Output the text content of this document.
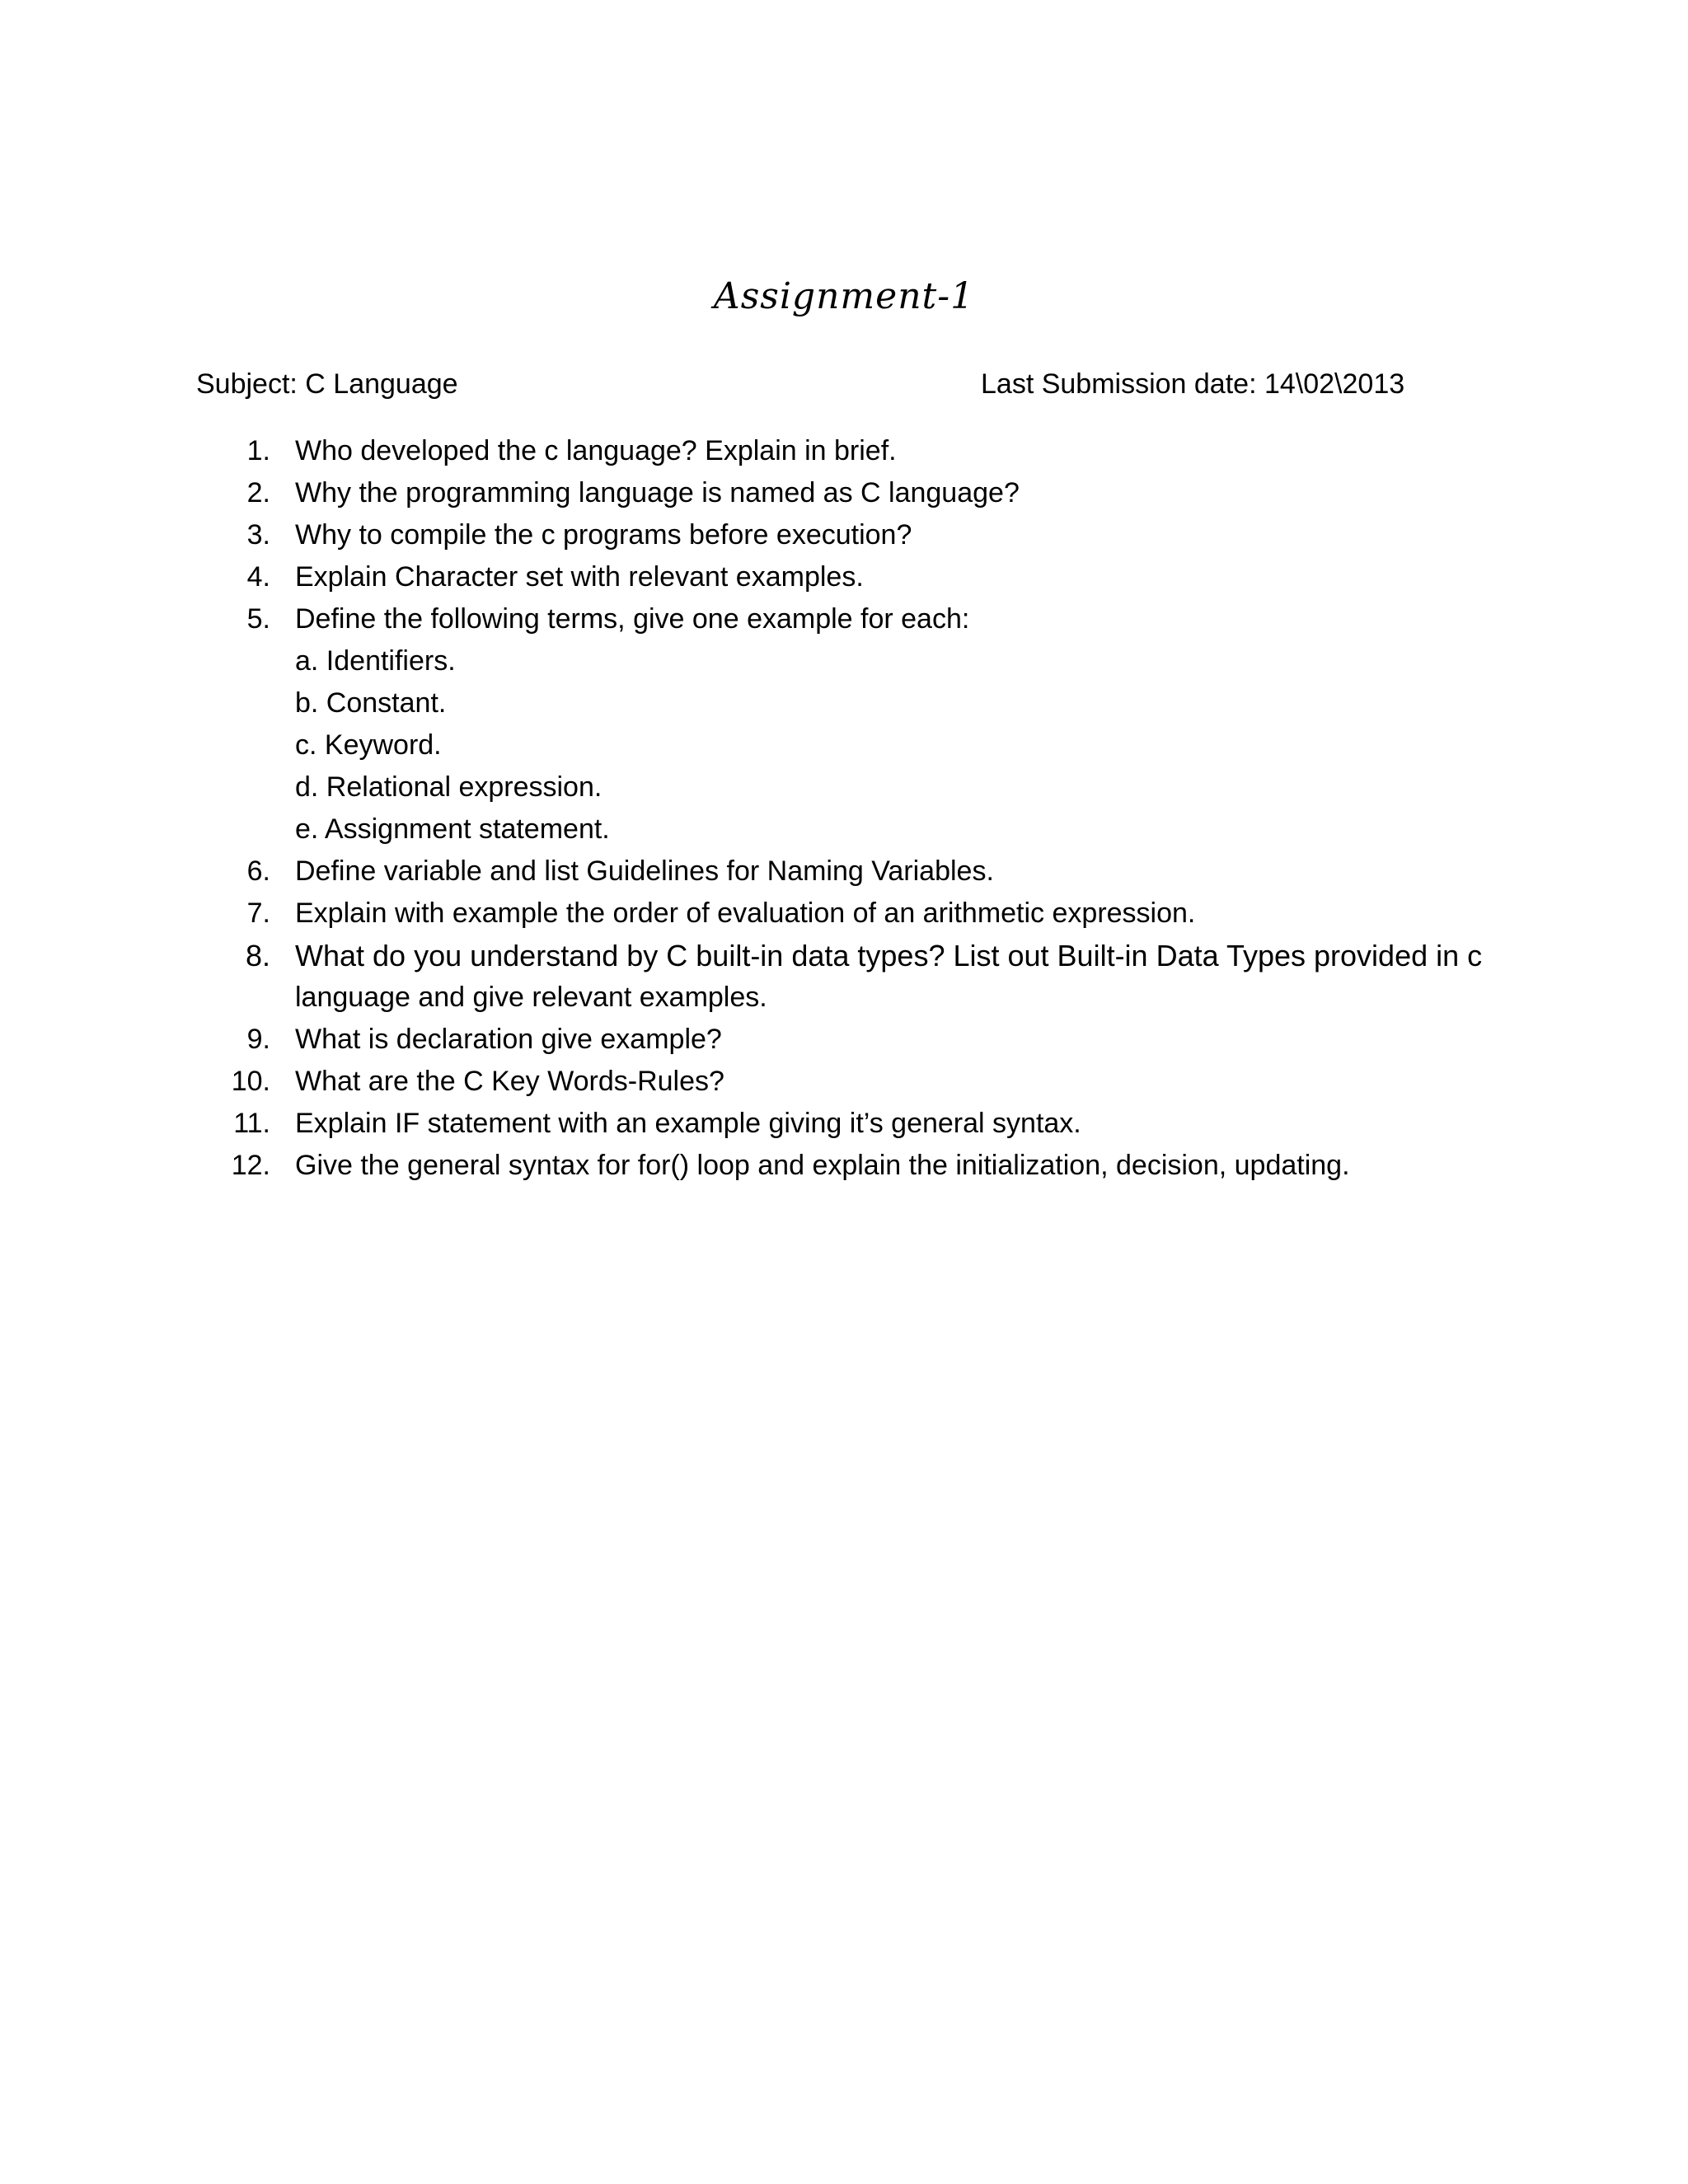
Assignment-1
Subject: C Language	Last Submission date: 14\02\2013
1. Who developed the c language? Explain in brief.
2. Why the programming language is named as C language?
3. Why to compile the c programs before execution?
4. Explain Character set with relevant examples.
5. Define the following terms, give one example for each:
a. Identifiers.
b. Constant.
c. Keyword.
d. Relational expression.
e. Assignment statement.
6. Define variable and list Guidelines for Naming Variables.
7. Explain with example the order of evaluation of an arithmetic expression.
8. What do you understand by C built-in data types? List out Built-in Data Types provided in c
language and give relevant examples.
9. What is declaration give example?
10. What are the C Key Words-Rules?
11. Explain IF statement with an example giving it’s general syntax.
12. Give the general syntax for for() loop and explain the initialization, decision, updating.
